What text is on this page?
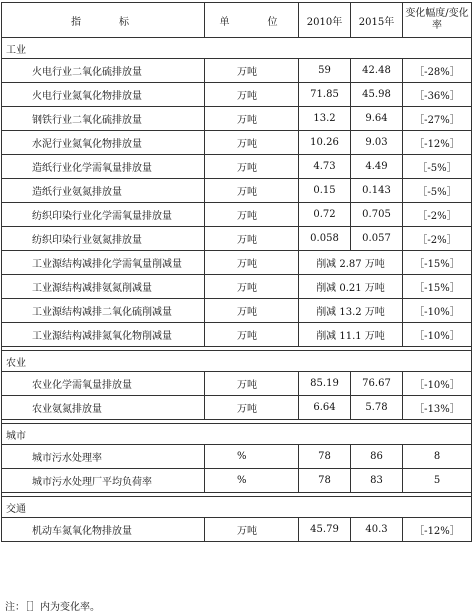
指　　标	单　　位	2010年	2015年	变化幅度/变化率
工业				
火电行业二氧化硫排放量	万吨	59	42.48	［-28%］
火电行业氮氧化物排放量	万吨	71.85	45.98	［-36%］
钢铁行业二氧化硫排放量	万吨	13.2	9.64	［-27%］
水泥行业氮氧化物排放量	万吨	10.26	9.03	［-12%］
造纸行业化学需氧量排放量	万吨	4.73	4.49	［-5%］
造纸行业氨氮排放量	万吨	0.15	0.143	［-5%］
纺织印染行业化学需氧量排放量	万吨	0.72	0.705	［-2%］
纺织印染行业氨氮排放量	万吨	0.058	0.057	［-2%］
工业源结构减排化学需氧量削减量	万吨	削减 2.87 万吨		［-15%］
工业源结构减排氨氮削减量	万吨	削减 0.21 万吨		［-15%］
工业源结构减排二氧化硫削减量	万吨	削减 13.2 万吨		［-10%］
工业源结构减排氮氧化物削减量	万吨	削减 11.1 万吨		［-10%］

农业				
农业化学需氧量排放量	万吨	85.19	76.67	［-10%］
农业氨氮排放量	万吨	6.64	5.78	［-13%］

城市				
城市污水处理率	%	78	86	8
城市污水处理厂平均负荷率	%	78	83	5

交通				
机动车氮氧化物排放量	万吨	45.79	40.3	［-12%］
注：［］内为变化率。
